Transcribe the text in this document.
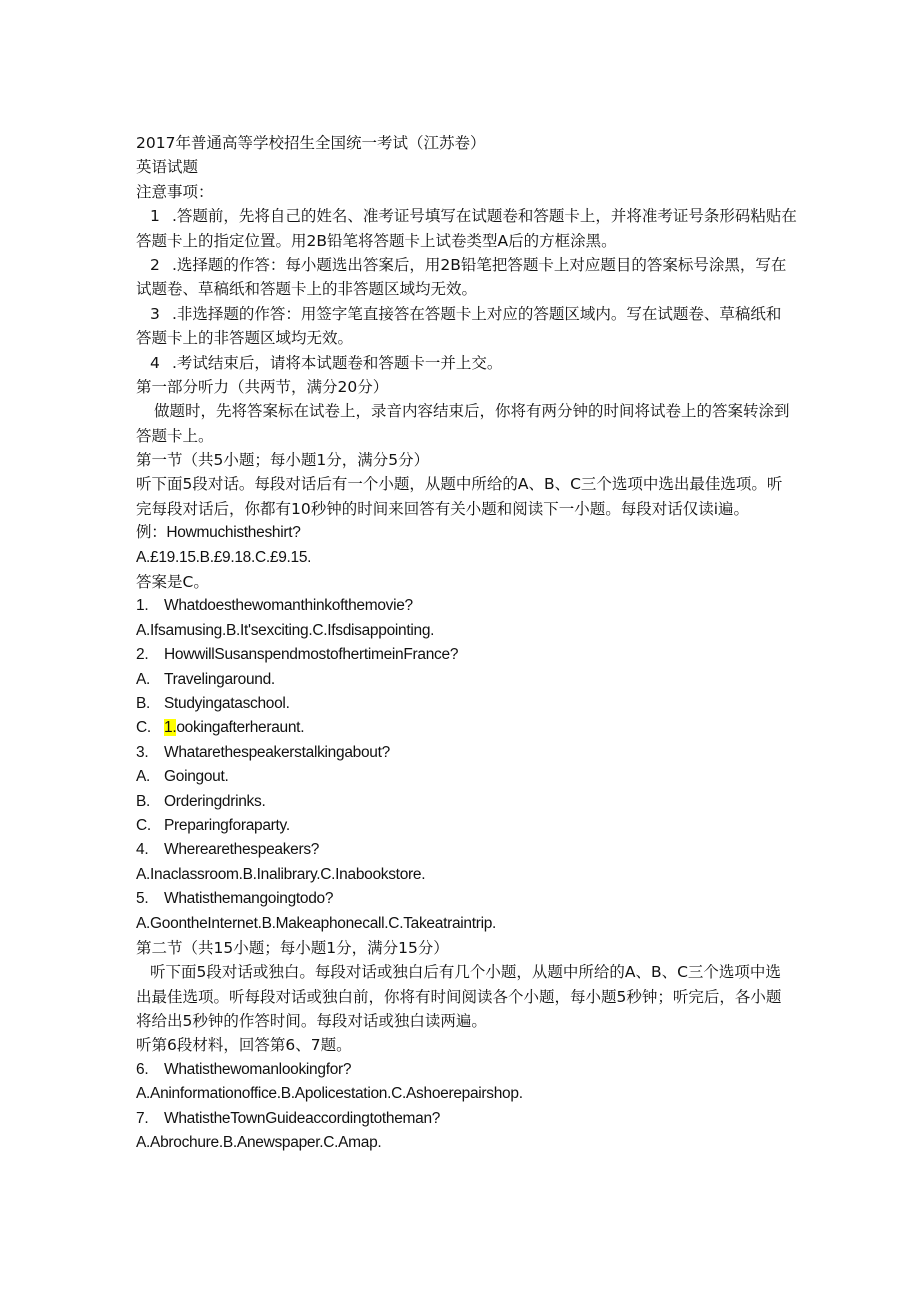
2017年普通高等学校招生全国统一考试（江苏卷）
英语试题
注意事项：
1 .答题前，先将自己的姓名、准考证号填写在试题卷和答题卡上，并将准考证号条形码粘贴在
答题卡上的指定位置。用2B铅笔将答题卡上试卷类型A后的方框涂黑。
2 .选择题的作答：每小题选出答案后，用2B铅笔把答题卡上对应题目的答案标号涂黑，写在
试题卷、草稿纸和答题卡上的非答题区域均无效。
3 .非选择题的作答：用签字笔直接答在答题卡上对应的答题区域内。写在试题卷、草稿纸和
答题卡上的非答题区域均无效。
4 .考试结束后，请将本试题卷和答题卡一并上交。
第一部分听力（共两节，满分20分）
做题时，先将答案标在试卷上，录音内容结束后，你将有两分钟的时间将试卷上的答案转涂到
答题卡上。
第一节（共5小题；每小题1分，满分5分）
听下面5段对话。每段对话后有一个小题，从题中所给的A、B、C三个选项中选出最佳选项。听
完每段对话后，你都有10秒钟的时间来回答有关小题和阅读下一小题。每段对话仅读i遍。
例：Howmuchistheshirt?
A.£19.15.B.£9.18.C.£9.15.
答案是C。
1. Whatdoesthewomanthinkofthemovie?
A.Ifsamusing.B.It'sexciting.C.Ifsdisappointing.
2. HowwillSusanspendmostofhertimeinFrance?
A. Travelingaround.
B. Studyingataschool.
C. 1.ookingafterheraunt.
3. Whatarethespeakerstalkingabout?
A. Goingout.
B. Orderingdrinks.
C. Preparingforaparty.
4. Wherearethespeakers?
A.Inaclassroom.B.Inalibrary.C.Inabookstore.
5. Whatisthemangoingtodo?
A.GoontheInternet.B.Makeaphonecall.C.Takeatraintrip.
第二节（共15小题；每小题1分，满分15分）
听下面5段对话或独白。每段对话或独白后有几个小题，从题中所给的A、B、C三个选项中选
出最佳选项。听每段对话或独白前，你将有时间阅读各个小题，每小题5秒钟；听完后，各小题
将给出5秒钟的作答时间。每段对话或独白读两遍。
听第6段材料，回答第6、7题。
6. Whatisthewomanlookingfor?
A.Aninformationoffice.B.Apolicestation.C.Ashoerepairshop.
7. WhatistheTownGuideaccordingtotheman?
A.Abrochure.B.Anewspaper.C.Amap.
